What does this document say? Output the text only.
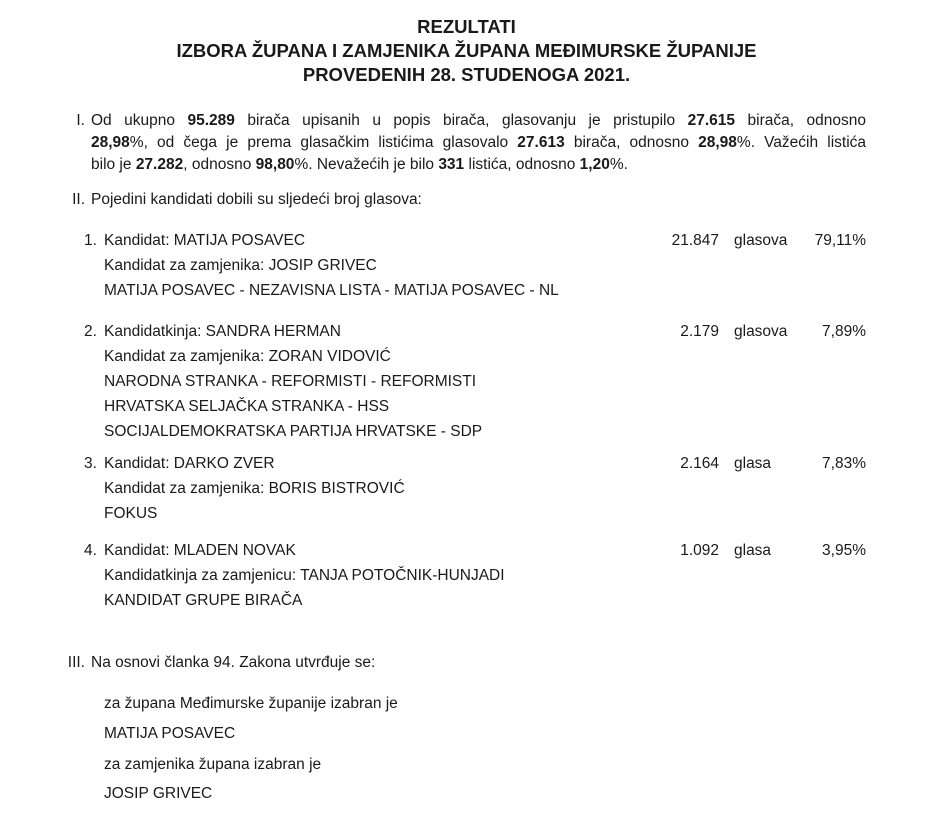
REZULTATI
IZBORA ŽUPANA I ZAMJENIKA ŽUPANA MEĐIMURSKE ŽUPANIJE
PROVEDENIH 28. STUDENOGA 2021.
I. Od ukupno 95.289 birača upisanih u popis birača, glasovanju je pristupilo 27.615 birača, odnosno
28,98%, od čega je prema glasačkim listićima glasovalo 27.613 birača, odnosno 28,98%. Važećih listića
bilo je 27.282, odnosno 98,80%. Nevažećih je bilo 331 listića, odnosno 1,20%.
II. Pojedini kandidati dobili su sljedeći broj glasova:
1. Kandidat: MATIJA POSAVEC	21.847 glasova	79,11%
Kandidat za zamjenika: JOSIP GRIVEC
MATIJA POSAVEC - NEZAVISNA LISTA - MATIJA POSAVEC - NL
2. Kandidatkinja: SANDRA HERMAN	2.179 glasova	7,89%
Kandidat za zamjenika: ZORAN VIDOVIĆ
NARODNA STRANKA - REFORMISTI - REFORMISTI
HRVATSKA SELJAČKA STRANKA - HSS
SOCIJALDEMOKRATSKA PARTIJA HRVATSKE - SDP
3. Kandidat: DARKO ZVER	2.164 glasa	7,83%
Kandidat za zamjenika: BORIS BISTROVIĆ
FOKUS
4. Kandidat: MLADEN NOVAK	1.092 glasa	3,95%
Kandidatkinja za zamjenicu: TANJA POTOČNIK-HUNJADI
KANDIDAT GRUPE BIRAČA
III. Na osnovi članka 94. Zakona utvrđuje se:
za župana Međimurske županije izabran je
MATIJA POSAVEC
za zamjenika župana izabran je
JOSIP GRIVEC
